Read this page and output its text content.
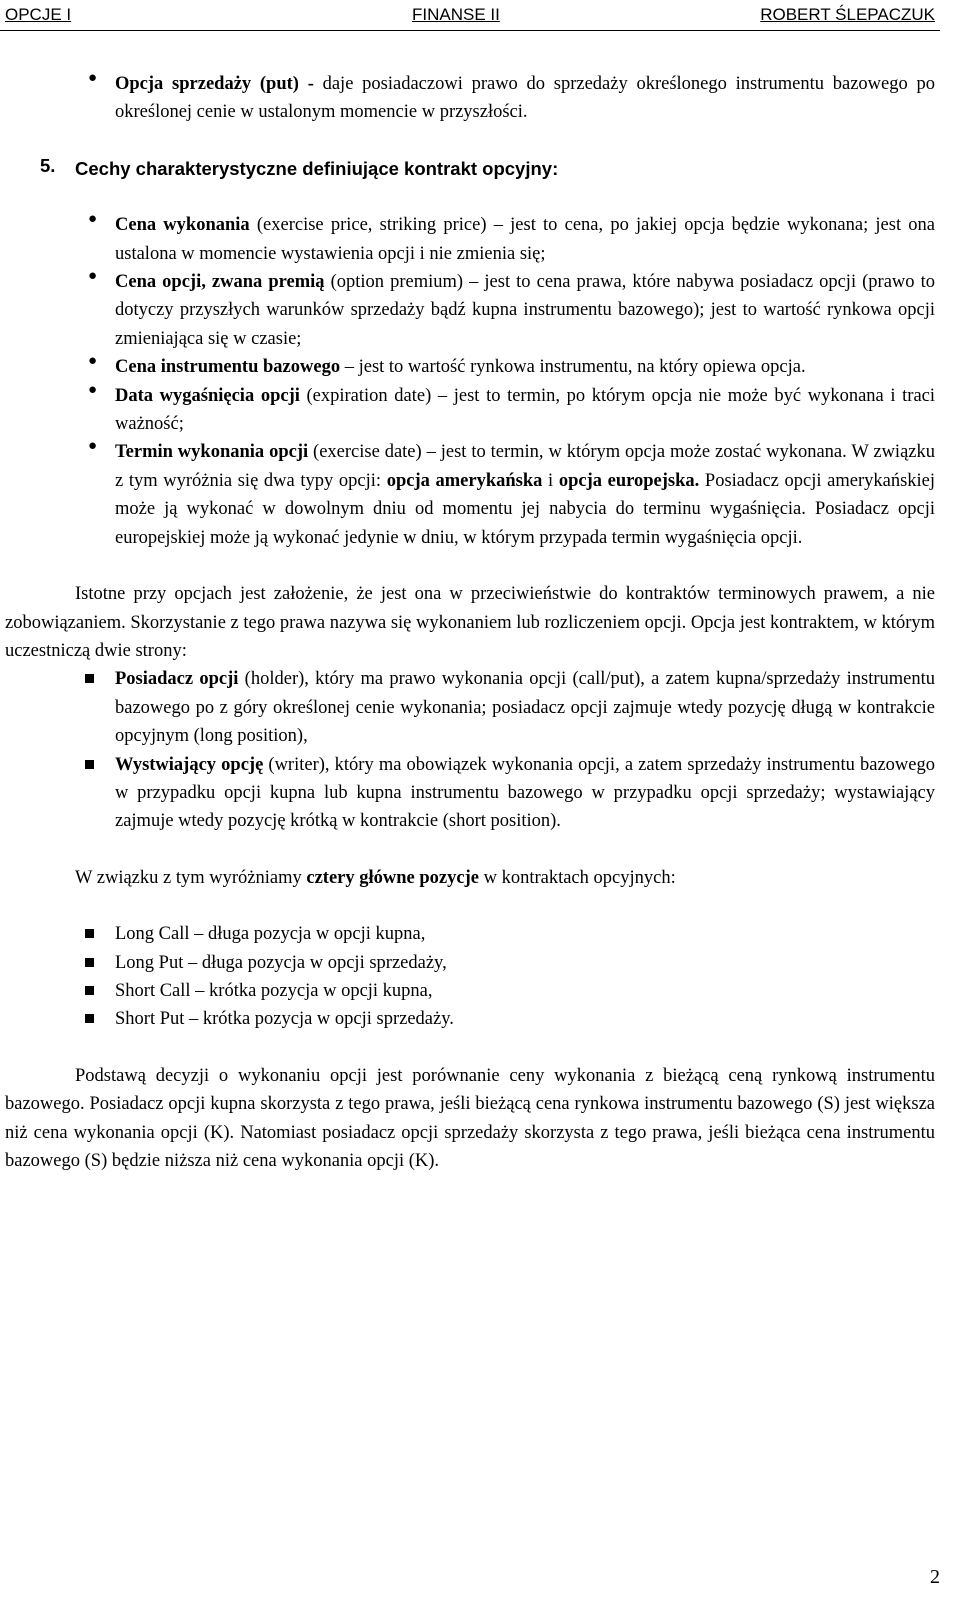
OPCJE I	FINANSE II	ROBERT ŚLEPACZUK
● Opcja sprzedaży (put) - daje posiadaczowi prawo do sprzedaży określonego instrumentu bazowego po określonej cenie w ustalonym momencie w przyszłości.

5. Cechy charakterystyczne definiujące kontrakt opcyjny:

● Cena wykonania (exercise price, striking price) – jest to cena, po jakiej opcja będzie wykonana; jest ona ustalona w momencie wystawienia opcji i nie zmienia się;

● Cena opcji, zwana premią (option premium) – jest to cena prawa, które nabywa posiadacz opcji (prawo to dotyczy przyszłych warunków sprzedaży bądź kupna instrumentu bazowego); jest to wartość rynkowa opcji zmieniająca się w czasie;

● Cena instrumentu bazowego – jest to wartość rynkowa instrumentu, na który opiewa opcja.

● Data wygaśnięcia opcji (expiration date) – jest to termin, po którym opcja nie może być wykonana i traci ważność;

● Termin wykonania opcji (exercise date) – jest to termin, w którym opcja może zostać wykonana. W związku z tym wyróżnia się dwa typy opcji: opcja amerykańska i opcja europejska. Posiadacz opcji amerykańskiej może ją wykonać w dowolnym dniu od momentu jej nabycia do terminu wygaśnięcia. Posiadacz opcji europejskiej może ją wykonać jedynie w dniu, w którym przypada termin wygaśnięcia opcji.

Istotne przy opcjach jest założenie, że jest ona w przeciwieństwie do kontraktów terminowych prawem, a nie zobowiązaniem. Skorzystanie z tego prawa nazywa się wykonaniem lub rozliczeniem opcji. Opcja jest kontraktem, w którym uczestniczą dwie strony:

Posiadacz opcji (holder), który ma prawo wykonania opcji (call/put), a zatem kupna/sprzedaży instrumentu bazowego po z góry określonej cenie wykonania; posiadacz opcji zajmuje wtedy pozycję długą w kontrakcie opcyjnym (long position),

Wystwiający opcję (writer), który ma obowiązek wykonania opcji, a zatem sprzedaży instrumentu bazowego w przypadku opcji kupna lub kupna instrumentu bazowego w przypadku opcji sprzedaży; wystawiający zajmuje wtedy pozycję krótką w kontrakcie (short position).

W związku z tym wyróżniamy cztery główne pozycje w kontraktach opcyjnych:

Long Call – długa pozycja w opcji kupna,

Long Put – długa pozycja w opcji sprzedaży,

Short Call – krótka pozycja w opcji kupna,

Short Put – krótka pozycja w opcji sprzedaży.

Podstawą decyzji o wykonaniu opcji jest porównanie ceny wykonania z bieżącą ceną rynkową instrumentu bazowego. Posiadacz opcji kupna skorzysta z tego prawa, jeśli bieżącą cena rynkowa instrumentu bazowego (S) jest większa niż cena wykonania opcji (K). Natomiast posiadacz opcji sprzedaży skorzysta z tego prawa, jeśli bieżąca cena instrumentu bazowego (S) będzie niższa niż cena wykonania opcji (K).

2
